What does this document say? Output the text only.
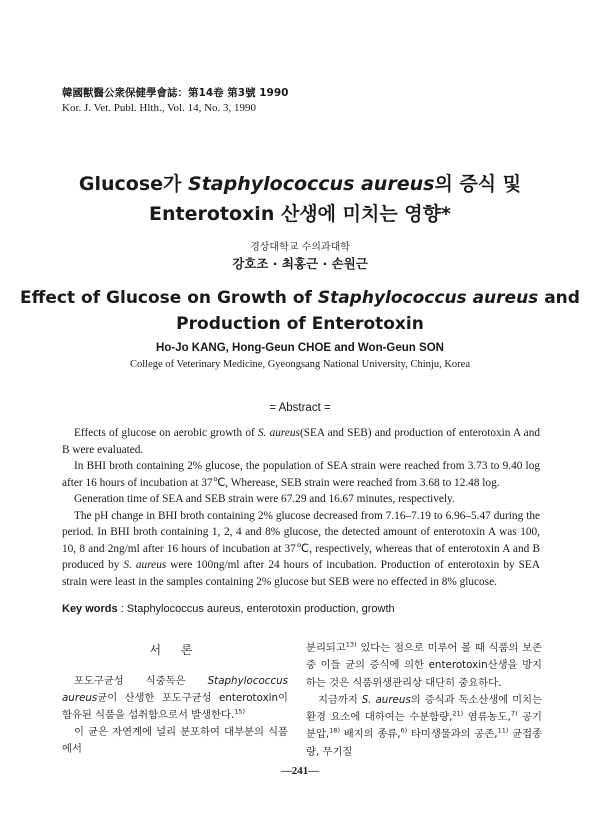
韓國獸醫公衆保健學會誌：第14卷 第3號 1990
Kor. J. Vet. Publ. Hlth., Vol. 14, No. 3, 1990
Glucose가 Staphylococcus aureus의 증식 및
Enterotoxin 산생에 미치는 영향*
경상대학교 수의과대학
강호조 · 최홍근 · 손원근
Effect of Glucose on Growth of Staphylococcus aureus and
Production of Enterotoxin
Ho-Jo KANG, Hong-Geun CHOE and Won-Geun SON
College of Veterinary Medicine, Gyeongsang National University, Chinju, Korea
= Abstract =

Effects of glucose on aerobic growth of S. aureus(SEA and SEB) and production of enterotoxin A and B were evaluated.

In BHI broth containing 2% glucose, the population of SEA strain were reached from 3.73 to 9.40 log after 16 hours of incubation at 37℃, Wherease, SEB strain were reached from 3.68 to 12.48 log.

Generation time of SEA and SEB strain were 67.29 and 16.67 minutes, respectively.

The pH change in BHI broth containing 2% glucose decreased from 7.16–7.19 to 6.96–5.47 during the period. In BHI broth containing 1, 2, 4 and 8% glucose, the detected amount of enterotoxin A was 100, 10, 8 and 2ng/ml after 16 hours of incubation at 37℃, respectively, whereas that of enterotoxin A and B produced by S. aureus were 100ng/ml after 24 hours of incubation. Production of enterotoxin by SEA strain were least in the samples containing 2% glucose but SEB were no effected in 8% glucose.

Key words : Staphylococcus aureus, enterotoxin production, growth
서 론

포도구균성 식중독은 Staphylococcus aureus균이 산생한 포도구균성 enterotoxin이 함유된 식품을 섭취함으로서 발생한다.$^{15)}$

이 균은 자연계에 널리 분포하여 대부분의 식품에서

분리되고$^{13)}$ 있다는 점으로 미루어 볼 때 식품의 보존중 이들 균의 증식에 의한 enterotoxin산생을 방지하는 것은 식품위생관리상 대단히 중요하다.

지금까지 S. aureus의 증식과 독소산생에 미치는 환경 요소에 대하여는 수분함량,$^{21)}$ 염류농도,$^{7)}$ 공기분압,$^{18)}$ 배지의 종류,$^{6)}$ 타미생물과의 공존,$^{11)}$ 균접종량, 무기질

—241—
